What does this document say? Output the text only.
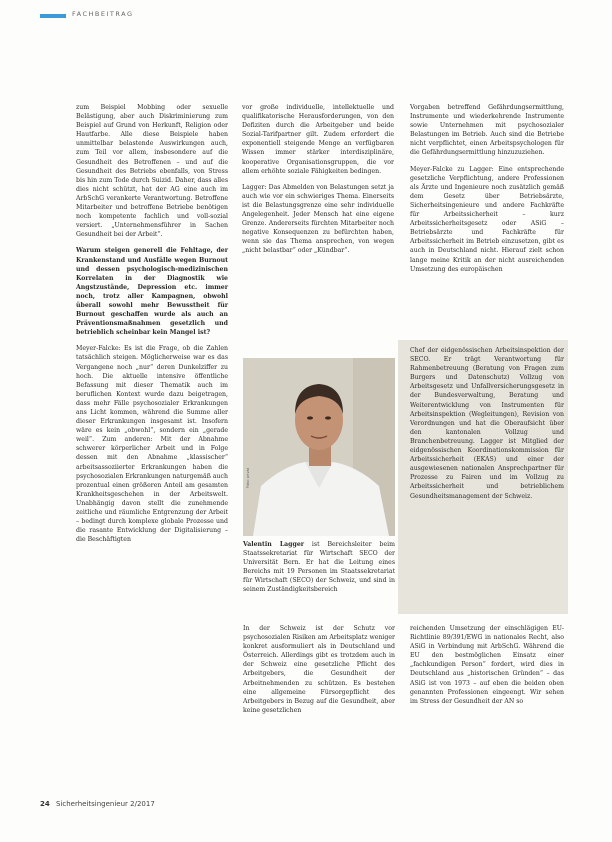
FACHBEITRAG

zum Beispiel Mobbing oder sexuelle Belästigung, aber auch Diskriminierung zum Beispiel auf Grund von Herkunft, Religion oder Hautfarbe. Alle diese Beispiele haben unmittelbar belastende Auswirkungen auch, zum Teil vor allem, insbesondere auf die Gesundheit des Betroffenen – und auf die Gesundheit des Betriebs ebenfalls, von Stress bis hin zum Tode durch Suizid. Daher, dass alles dies nicht schützt, hat der AG eine auch im ArbSchG verankerte Verantwortung. Betroffene Mitarbeiter und betroffene Betriebe benötigen noch kompetente fachlich und voll-sozial versiert. „Unternehmensführer in Sachen Gesundheit bei der Arbeit“.

Warum steigen generell die Fehltage, der Krankenstand und Ausfälle wegen Burnout und dessen psychologisch-medizinischen Korrelaten in der Diagnostik wie Angstzustände, Depression etc. immer noch, trotz aller Kampagnen, obwohl überall sowohl mehr Bewusstheit für Burnout geschaffen wurde als auch an Präventionsmaßnahmen gesetzlich und betrieblich scheinbar kein Mangel ist?

Meyer-Falcke: Es ist die Frage, ob die Zahlen tatsächlich steigen. Möglicherweise war es das Vergangene noch „nur“ deren Dunkelziffer zu hoch. Die aktuelle intensive öffentliche Befassung mit dieser Thematik auch im beruflichen Kontext wurde dazu beigetragen, dass mehr Fälle psychosozialer Erkrankungen ans Licht kommen, während die Summe aller dieser Erkrankungen insgesamt ist. Insofern wäre es kein „obwohl“, sondern ein „gerade weil“. Zum anderen: Mit der Abnahme schwerer körperlicher Arbeit und in Folge dessen mit den Abnahme „klassischer“ arbeitsassoziierter Erkrankungen haben die psychosozialen Erkrankungen naturgemäß auch prozentual einen größeren Anteil am gesamten Krankheitsgeschehen in der Arbeitswelt. Unabhängig davon stellt die zunehmende zeitliche und räumliche Entgrenzung der Arbeit – bedingt durch komplexe globale Prozesse und die rasante Entwicklung der Digitalisierung – die Beschäftigten

vor große individuelle, intellektuelle und qualifikatorische Herausforderungen, von den Defiziten durch die Arbeitgeber und beide Sozial-Tarifpartner gilt. Zudem erfordert die exponentiell steigende Menge an verfügbaren Wissen immer stärker interdisziplinäre, kooperative Organisationsgruppen, die vor allem erhöhte soziale Fähigkeiten bedingen.

Lagger: Das Abmelden von Belastungen setzt ja auch wie vor ein schwieriges Thema. Einerseits ist die Belastungsgrenze eine sehr individuelle Angelegenheit. Jeder Mensch hat eine eigene Grenze. Andererseits fürchten Mitarbeiter noch negative Konsequenzen zu befürchten haben, wenn sie das Thema ansprechen, von wegen „nicht belastbar“ oder „Kündbar“.

Vorgaben betreffend Gefährdungsermittlung, Instrumente und wiederkehrende Instrumente sowie Unternehmen mit psychosozialer Belastungen im Betrieb. Auch sind die Betriebe nicht verpflichtet, einen Arbeitspsychologen für die Gefährdungsermittlung hinzuzuziehen.

Meyer-Falcke zu Lagger: Eine entsprechende gesetzliche Verpflichtung, andere Professionen als Ärzte und Ingenieure noch zusätzlich gemäß dem Gesetz über Betriebsärzte, Sicherheitsingenieure und andere Fachkräfte für Arbeitssicherheit – kurz Arbeitssicherheitsgesetz oder ASiG – Betriebsärzte und Fachkräfte für Arbeitssicherheit im Betrieb einzusetzen, gibt es auch in Deutschland nicht. Hierauf zielt schon lange meine Kritik an der nicht ausreichenden Umsetzung des europäischen

Foto: privat
Valentin Lagger ist Bereichsleiter beim Staatssekretariat für Wirtschaft SECO der Universität Bern. Er hat die Leitung eines Bereichs mit 19 Personen im Staatssekretariat für Wirtschaft (SECO) der Schweiz, und sind in seinem Zuständigkeitsbereich
Chef der eidgenössischen Arbeitsinspektion der SECO. Er trägt Verantwortung für Rahmenbetreuung (Beratung von Fragen zum Burgers und Datenschutz) Vollzug von Arbeitsgesetz und Unfallversicherungsgesetz in der Bundesverwaltung, Beratung und Weiterentwicklung von Instrumenten für Arbeitsinspektion (Wegleitungen), Revision von Verordnungen und hat die Oberaufsicht über den kantonalen Vollzug und Branchenbetreuung. Lagger ist Mitglied der eidgenössischen Koordinationskommission für Arbeitssicherheit (EKAS) und einer der ausgewiesenen nationalen Ansprechpartner für Prozesse zu Fairen und im Vollzug zu Arbeitssicherheit und betrieblichem Gesundheitsmanagement der Schweiz.
In der Schweiz ist der Schutz vor psychosozialen Risiken am Arbeitsplatz weniger konkret ausformuliert als in Deutschland und Österreich. Allerdings gibt es trotzdem auch in der Schweiz eine gesetzliche Pflicht des Arbeitgebers, die Gesundheit der Arbeitnehmenden zu schützen. Es bestehen eine allgemeine Fürsorgepflicht des Arbeitgebers in Bezug auf die Gesundheit, aber keine gesetzlichen
reichenden Umsetzung der einschlägigen EU-Richtlinie 89/391/EWG in nationales Recht, also ASiG in Verbindung mit ArbSchG. Während die EU den bestmöglichen Einsatz einer „fachkundigen Person“ fordert, wird dies in Deutschland aus „historischen Gründen“ – das ASiG ist von 1973 – auf eben die beiden oben genannten Professionen eingeengt. Wir sehen im Stress der Gesundheit der AN so
24 Sicherheitsingenieur 2/2017
